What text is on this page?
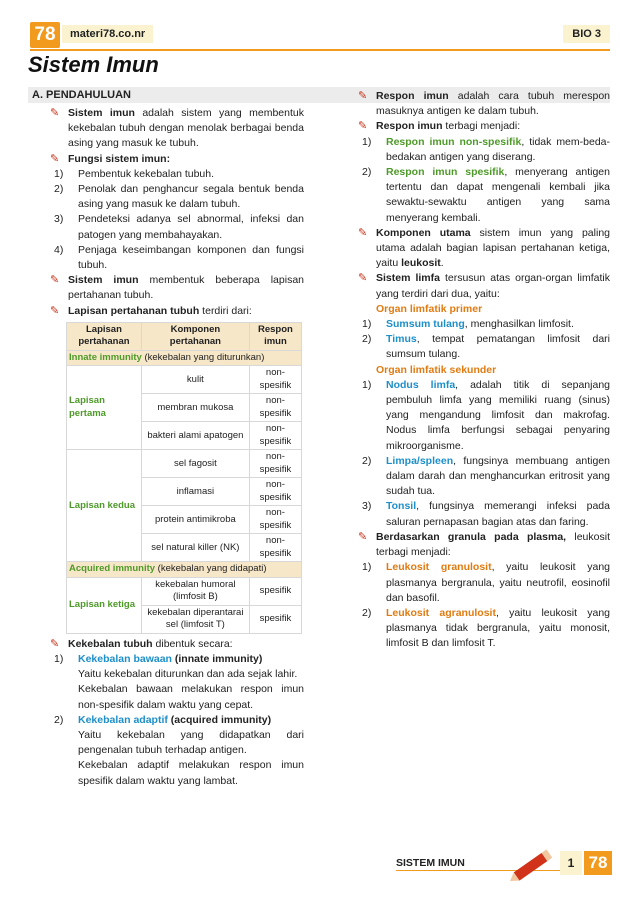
78	materi78.co.nr	BIO 3
Sistem Imun
A. PENDAHULUAN
✎ Sistem imun adalah sistem yang membentuk kekebalan tubuh dengan menolak berbagai benda asing yang masuk ke tubuh.
✎ Fungsi sistem imun:
1) Pembentuk kekebalan tubuh.
2) Penolak dan penghancur segala bentuk benda asing yang masuk ke dalam tubuh.
3) Pendeteksi adanya sel abnormal, infeksi dan patogen yang membahayakan.
4) Penjaga keseimbangan komponen dan fungsi tubuh.
✎ Sistem imun membentuk beberapa lapisan pertahanan tubuh.
✎ Lapisan pertahanan tubuh terdiri dari:
Lapisan pertahanan	Komponen pertahanan	Respon imun
Innate immunity (kekebalan yang diturunkan)		
Lapisan pertama	kulit	non-spesifik
	membran mukosa	non-spesifik
	bakteri alami apatogen	non-spesifik
Lapisan kedua	sel fagosit	non-spesifik
	inflamasi	non-spesifik
	protein antimikroba	non-spesifik
	sel natural killer (NK)	non-spesifik
Acquired immunity (kekebalan yang didapati)		
Lapisan ketiga	kekebalan humoral (limfosit B)	spesifik
	kekebalan diperantarai sel (limfosit T)	spesifik
✎ Kekebalan tubuh dibentuk secara:
1) Kekebalan bawaan (innate immunity)
Yaitu kekebalan diturunkan dan ada sejak lahir.
Kekebalan bawaan melakukan respon imun non-spesifik dalam waktu yang cepat.
2) Kekebalan adaptif (acquired immunity)
Yaitu kekebalan yang didapatkan dari pengenalan tubuh terhadap antigen.
Kekebalan adaptif melakukan respon imun spesifik dalam waktu yang lambat.
✎ Respon imun adalah cara tubuh merespon masuknya antigen ke dalam tubuh.
✎ Respon imun terbagi menjadi:
1) Respon imun non-spesifik, tidak mem-beda-bedakan antigen yang diserang.
2) Respon imun spesifik, menyerang antigen tertentu dan dapat mengenali kembali jika sewaktu-sewaktu antigen yang sama menyerang kembali.
✎ Komponen utama sistem imun yang paling utama adalah bagian lapisan pertahanan ketiga, yaitu leukosit.
✎ Sistem limfa tersusun atas organ-organ limfatik yang terdiri dari dua, yaitu:
Organ limfatik primer
1) Sumsum tulang, menghasilkan limfosit.
2) Timus, tempat pematangan limfosit dari sumsum tulang.
Organ limfatik sekunder
1) Nodus limfa, adalah titik di sepanjang pembuluh limfa yang memiliki ruang (sinus) yang mengandung limfosit dan makrofag. Nodus limfa berfungsi sebagai penyaring mikroorganisme.
2) Limpa/spleen, fungsinya membuang antigen dalam darah dan menghancurkan eritrosit yang sudah tua.
3) Tonsil, fungsinya memerangi infeksi pada saluran pernapasan bagian atas dan faring.
✎ Berdasarkan granula pada plasma, leukosit terbagi menjadi:
1) Leukosit granulosit, yaitu leukosit yang plasmanya bergranula, yaitu neutrofil, eosinofil dan basofil.
2) Leukosit agranulosit, yaitu leukosit yang plasmanya tidak bergranula, yaitu monosit, limfosit B dan limfosit T.
SISTEM IMUN	1 78
